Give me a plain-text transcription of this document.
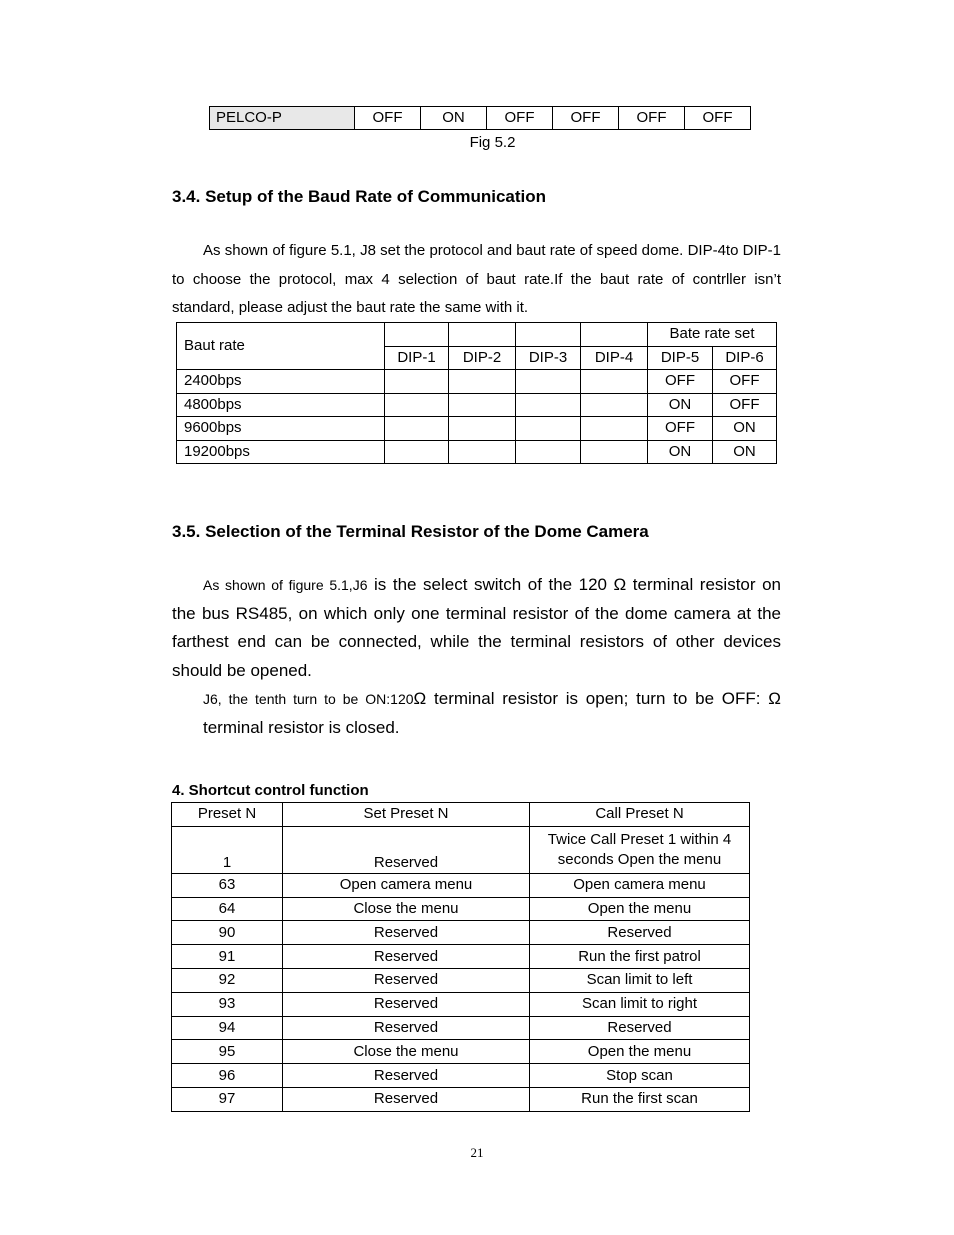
PELCO-P	OFF	ON	OFF	OFF	OFF	OFF
Fig 5.2
3.4. Setup of the Baud Rate of Communication

As shown of figure 5.1, J8 set the protocol and baut rate of speed dome. DIP-4to DIP-1 to choose the protocol, max 4 selection of baut rate.If the baut rate of contrller isn’t standard, please adjust the baut rate the same with it.

Baut rate					Bate rate set	
	DIP-1	DIP-2	DIP-3	DIP-4	DIP-5	DIP-6
2400bps					OFF	OFF
4800bps					ON	OFF
9600bps					OFF	ON
19200bps					ON	ON
3.5. Selection of the Terminal Resistor of the Dome Camera

As shown of figure 5.1,J6 is the select switch of the 120 Ω terminal resistor on the bus RS485, on which only one terminal resistor of the dome camera at the farthest end can be connected, while the terminal resistors of other devices should be opened.

J6, the tenth turn to be ON:120Ω terminal resistor is open; turn to be OFF: Ω terminal resistor is closed.

4. Shortcut control function

Preset N	Set Preset N	Call Preset N
1	Reserved	Twice Call Preset 1 within 4
seconds Open the menu

63	Open camera menu	Open camera menu
64	Close the menu	Open the menu
90	Reserved	Reserved
91	Reserved	Run the first patrol
92	Reserved	Scan limit to left
93	Reserved	Scan limit to right
94	Reserved	Reserved
95	Close the menu	Open the menu
96	Reserved	Stop scan
97	Reserved	Run the first scan
21
